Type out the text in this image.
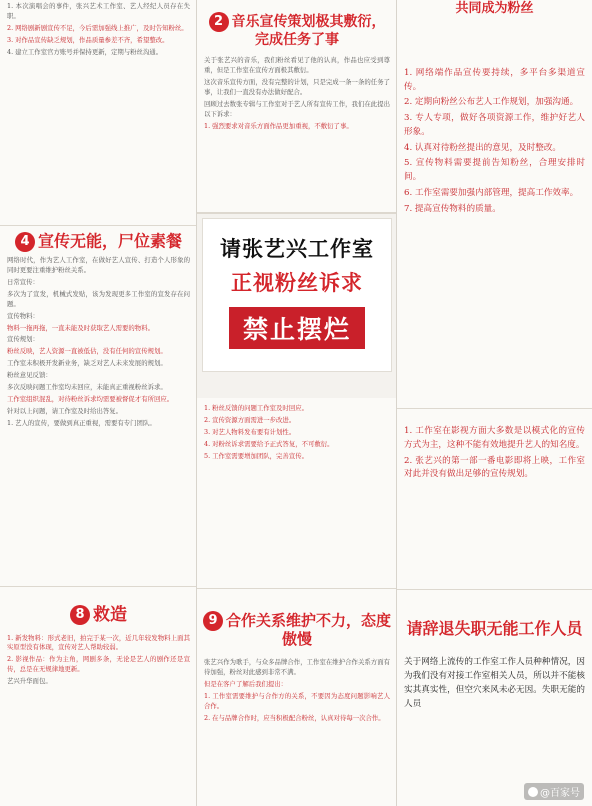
1. 本次演唱会的事件，张兴艺术工作室、艺人经纪人员存在失职。
2. 网络剧新剧宣传不足，今后需加强线上推广，及时告知粉丝。
3. 对作品宣传缺乏规划，作品质量参差不齐，希望整改。
4. 建立工作室官方账号并保持更新，定期与粉丝沟通。
4 宣传无能，尸位素餐
网络时代，作为艺人工作室，在做好艺人宣传、打造个人形象的同时更要注重维护粉丝关系。
日常宣传：
多次为了宣发，机械式发贴，该为发现更多工作室的宣发存在问题。
宣传物料：
物料一拖再拖，一直未能及时获取艺人需要的物料。
宣传规划：
粉丝反映，艺人资源一直被低估，没有任何的宣传规划。
工作室未积极开发新业务，缺乏对艺人未来发展的规划。
粉丝意见反馈：
多次反映问题工作室均未回应，未能真正重视粉丝诉求。
工作室组织混乱，对待粉丝诉求均需要被督促才有所回应。
针对以上问题，请工作室及时给出答复。
1. 艺人的宣传，要做到真正重视，需要有专门团队。
8 救造
1. 新发物料：形式老旧，拍完于某一次，近几年较发物料上面其实原型没有体现，宣传对艺人帮助较弱。
2. 影视作品：作为主角，网剧多条，无论是艺人的剧作还是宣传，总是在无规律地更新。
艺兴升华面包。
2 音乐宣传策划极其敷衍，完成任务了事
关于张艺兴的音乐，我们粉丝看见了他的认真，作品也应受到尊重，但是工作室在宣传方面极其敷衍。
这次音乐宣传方面，没有完整的计划，只是完成一条一条的任务了事，让我们一直没有办法做好配合。
回顾过去数张专辑与工作室对于艺人所有宣传工作，我们在此提出以下诉求：
1. 强烈要求对音乐方面作品更加重视，不敷衍了事。
请张艺兴工作室
正视粉丝诉求
禁止摆烂
1. 粉丝反馈的问题工作室及时回应。
2. 宣传资源方面需进一步改进。
3. 对艺人物料发布要有计划性。
4. 对粉丝诉求需要给予正式答复，不可敷衍。
5. 工作室需要增加团队，完善宣传。
9 合作关系维护不力，态度傲慢
张艺兴作为歌手，与众多品牌合作，工作室在维护合作关系方面有待加强，粉丝对此感到非常不满。
但是在客户了解后我们提出：
1. 工作室需要维护与合作方的关系，不要因为态度问题影响艺人合作。
2. 在与品牌合作时，应当积极配合粉丝，认真对待每一次合作。
共同成为粉丝
1. 网络端作品宣传要持续，多平台多渠道宣传。
2. 定期向粉丝公布艺人工作规划，加强沟通。
3. 专人专项，做好各项资源工作，维护好艺人形象。
4. 认真对待粉丝提出的意见，及时整改。
5. 宣传物料需要提前告知粉丝，合理安排时间。
6. 工作室需要加强内部管理，提高工作效率。
7. 提高宣传物料的质量。
1. 工作室在影视方面大多数是以模式化的宣传方式为主，这种不能有效地提升艺人的知名度。
2. 张艺兴的第一部一番电影即将上映，工作室对此并没有做出足够的宣传规划。
请辞退失职无能工作人员
关于网络上流传的工作室工作人员种种情况，因为我们没有对接工作室相关人员，所以并不能核实其真实性，但空穴来风未必无因。失职无能的人员
@百家号
